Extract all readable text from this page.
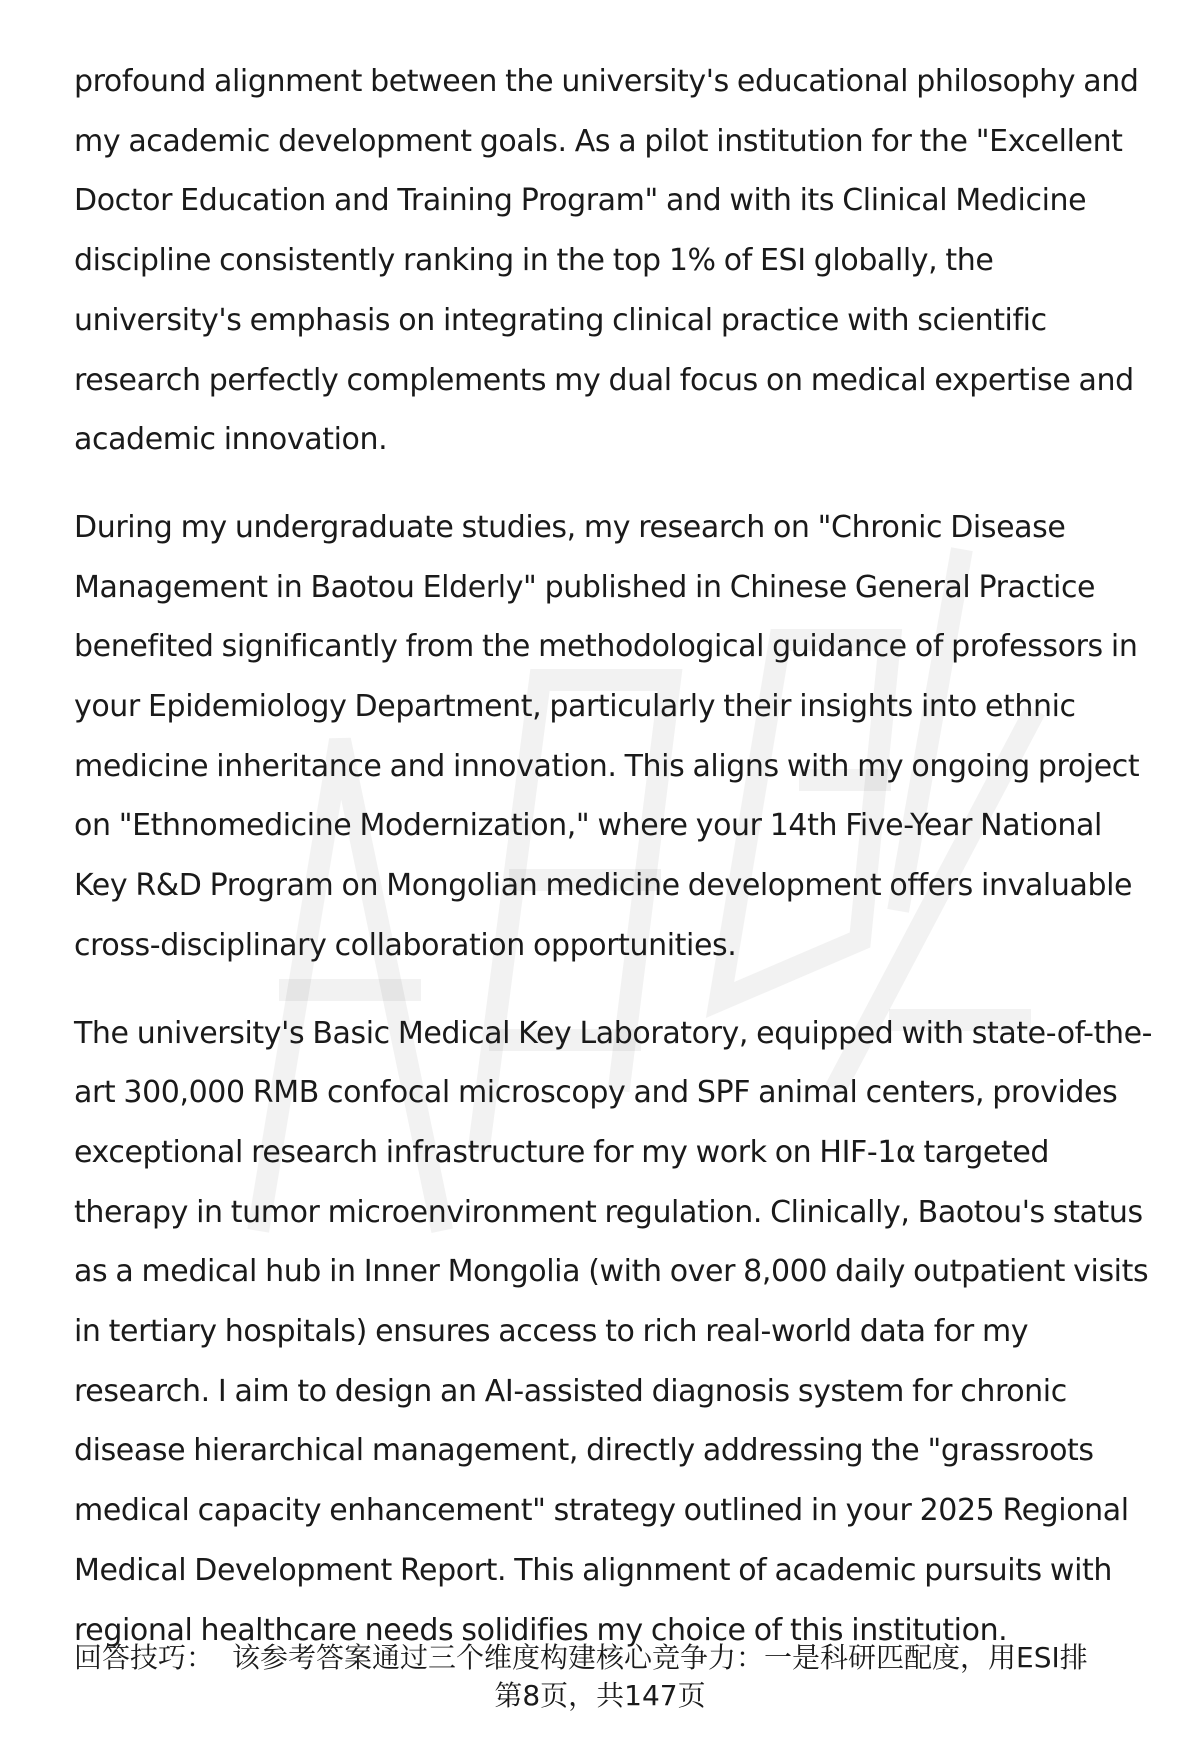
profound alignment between the university's educational philosophy and my academic development goals. As a pilot institution for the "Excellent Doctor Education and Training Program" and with its Clinical Medicine discipline consistently ranking in the top 1% of ESI globally, the university's emphasis on integrating clinical practice with scientific research perfectly complements my dual focus on medical expertise and academic innovation.

During my undergraduate studies, my research on "Chronic Disease Management in Baotou Elderly" published in Chinese General Practice benefited significantly from the methodological guidance of professors in your Epidemiology Department, particularly their insights into ethnic medicine inheritance and innovation. This aligns with my ongoing project on "Ethnomedicine Modernization," where your 14th Five-Year National Key R&D Program on Mongolian medicine development offers invaluable cross-disciplinary collaboration opportunities.

The university's Basic Medical Key Laboratory, equipped with state-of-the-art 300,000 RMB confocal microscopy and SPF animal centers, provides exceptional research infrastructure for my work on HIF-1α targeted therapy in tumor microenvironment regulation. Clinically, Baotou's status as a medical hub in Inner Mongolia (with over 8,000 daily outpatient visits in tertiary hospitals) ensures access to rich real-world data for my research. I aim to design an AI-assisted diagnosis system for chronic disease hierarchical management, directly addressing the "grassroots medical capacity enhancement" strategy outlined in your 2025 Regional Medical Development Report. This alignment of academic pursuits with regional healthcare needs solidifies my choice of this institution.

回答技巧： 该参考答案通过三个维度构建核心竞争力：一是科研匹配度，用ESI排
第8页，共147页
